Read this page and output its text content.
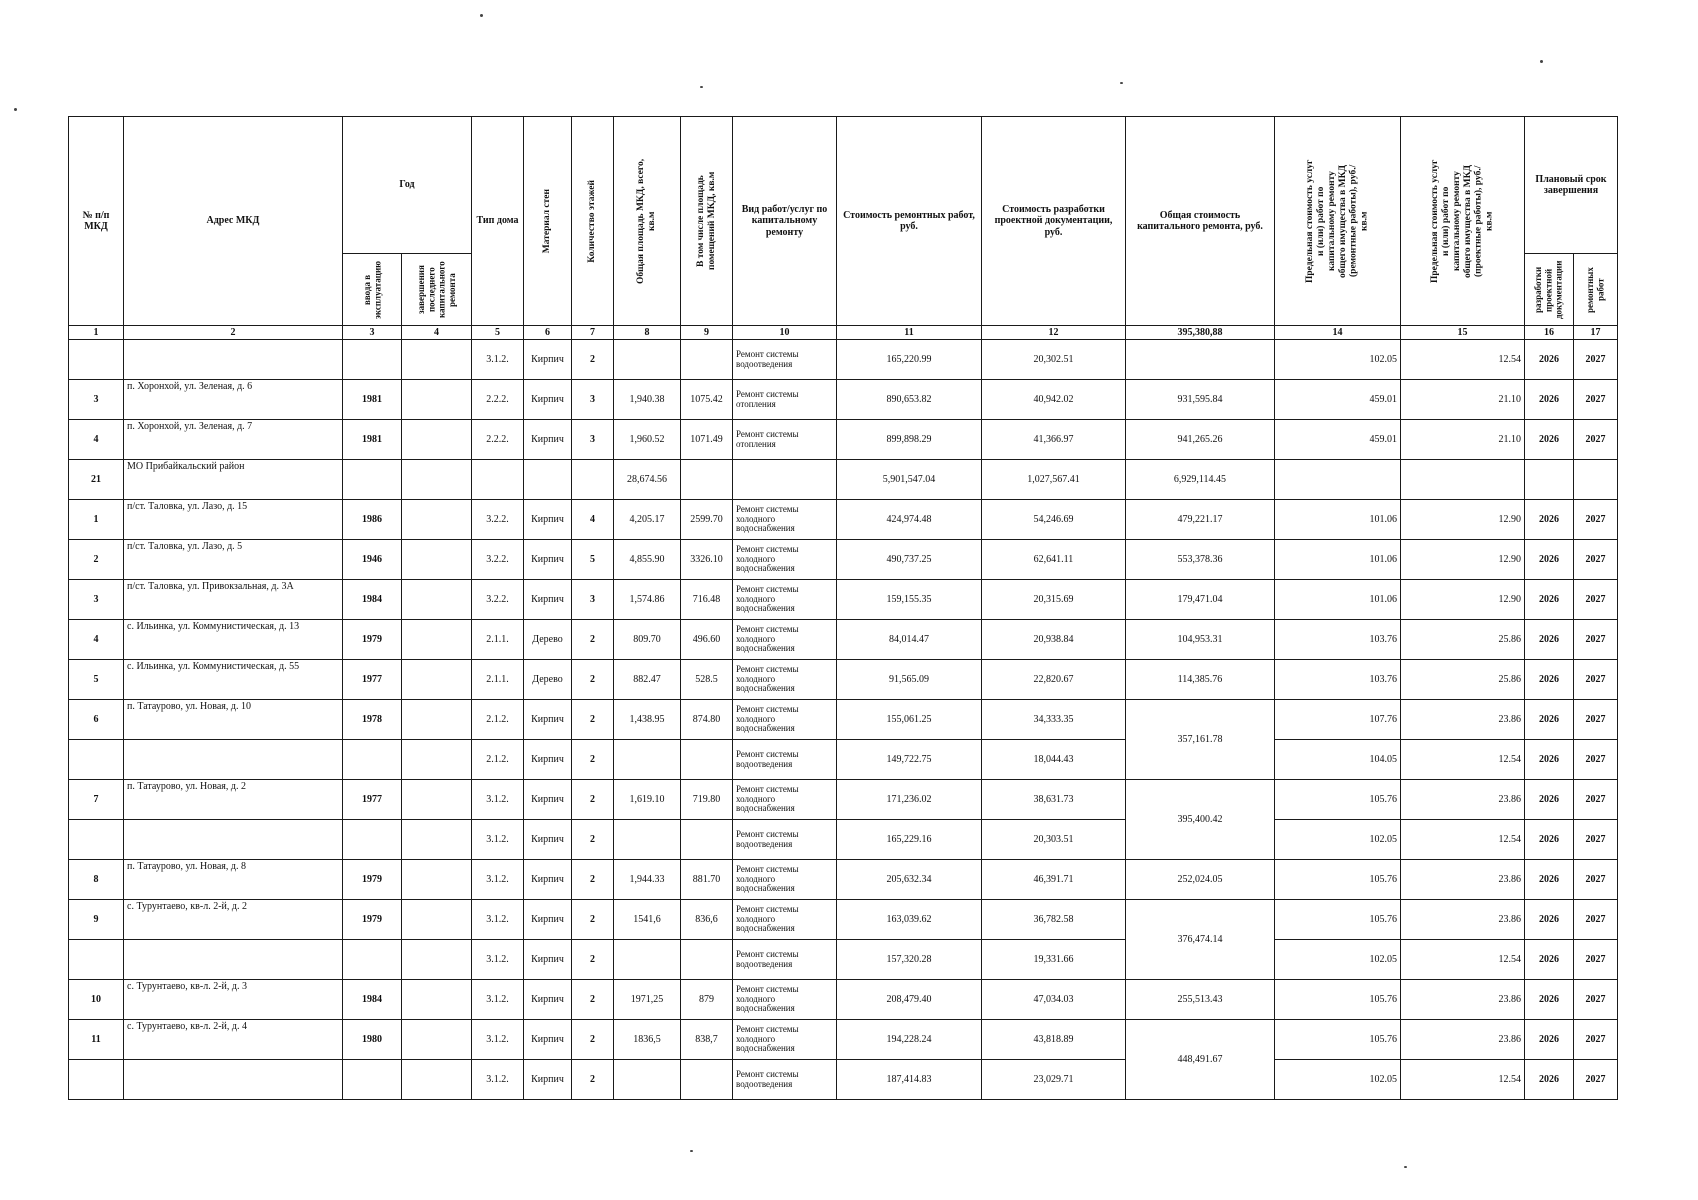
№ п/п МКД	Адрес МКД	Год		Тип дома	Материал стен	Количество этажей	Общая площадь МКД, всего, кв.м	В том числе площадь помещений МКД, кв.м	Вид работ/услуг по капитальному ремонту	Стоимость ремонтных работ, руб.	Стоимость разработки проектной документации, руб.	Общая стоимость капитального ремонта, руб.	Предельная стоимость услуг и (или) работ по капитальному ремонту общего имущества в МКД (ремонтные работы), руб./кв.м	Предельная стоимость услуг и (или) работ по капитальному ремонту общего имущества в МКД (проектные работы), руб./кв.м	Плановый срок завершения	

		ввода в эксплуатацию	завершения последнего капитального ремонта												разработки проектной документации	ремонтных работ

1	2	3	4	5	6	7	8	9	10	11	12	395,380,88	14	15	16	17
				3.1.2.	Кирпич	2			Ремонт системы водоотведения	165,220.99	20,302.51		102.05	12.54	2026	2027
3	п. Хоронхой, ул. Зеленая, д. 6	1981		2.2.2.	Кирпич	3	1,940.38	1075.42	Ремонт системы отопления	890,653.82	40,942.02	931,595.84	459.01	21.10	2026	2027
4	п. Хоронхой, ул. Зеленая, д. 7	1981		2.2.2.	Кирпич	3	1,960.52	1071.49	Ремонт системы отопления	899,898.29	41,366.97	941,265.26	459.01	21.10	2026	2027
21	МО Прибайкальский район						28,674.56			5,901,547.04	1,027,567.41	6,929,114.45				
1	п/ст. Таловка, ул. Лазо, д. 15	1986		3.2.2.	Кирпич	4	4,205.17	2599.70	Ремонт системы холодного водоснабжения	424,974.48	54,246.69	479,221.17	101.06	12.90	2026	2027
2	п/ст. Таловка, ул. Лазо, д. 5	1946		3.2.2.	Кирпич	5	4,855.90	3326.10	Ремонт системы холодного водоснабжения	490,737.25	62,641.11	553,378.36	101.06	12.90	2026	2027
3	п/ст. Таловка, ул. Привокзальная, д. 3А	1984		3.2.2.	Кирпич	3	1,574.86	716.48	Ремонт системы холодного водоснабжения	159,155.35	20,315.69	179,471.04	101.06	12.90	2026	2027
4	с. Ильинка, ул. Коммунистическая, д. 13	1979		2.1.1.	Дерево	2	809.70	496.60	Ремонт системы холодного водоснабжения	84,014.47	20,938.84	104,953.31	103.76	25.86	2026	2027
5	с. Ильинка, ул. Коммунистическая, д. 55	1977		2.1.1.	Дерево	2	882.47	528.5	Ремонт системы холодного водоснабжения	91,565.09	22,820.67	114,385.76	103.76	25.86	2026	2027
6	п. Татаурово, ул. Новая, д. 10	1978		2.1.2.	Кирпич	2	1,438.95	874.80	Ремонт системы холодного водоснабжения	155,061.25	34,333.35	357,161.78	107.76	23.86	2026	2027
				2.1.2.	Кирпич	2			Ремонт системы водоотведения	149,722.75	18,044.43		104.05	12.54	2026	2027
7	п. Татаурово, ул. Новая, д. 2	1977		3.1.2.	Кирпич	2	1,619.10	719.80	Ремонт системы холодного водоснабжения	171,236.02	38,631.73	395,400.42	105.76	23.86	2026	2027
				3.1.2.	Кирпич	2			Ремонт системы водоотведения	165,229.16	20,303.51		102.05	12.54	2026	2027
8	п. Татаурово, ул. Новая, д. 8	1979		3.1.2.	Кирпич	2	1,944.33	881.70	Ремонт системы холодного водоснабжения	205,632.34	46,391.71	252,024.05	105.76	23.86	2026	2027
9	с. Турунтаево, кв-л. 2-й, д. 2	1979		3.1.2.	Кирпич	2	1541,6	836,6	Ремонт системы холодного водоснабжения	163,039.62	36,782.58	376,474.14	105.76	23.86	2026	2027
				3.1.2.	Кирпич	2			Ремонт системы водоотведения	157,320.28	19,331.66		102.05	12.54	2026	2027
10	с. Турунтаево, кв-л. 2-й, д. 3	1984		3.1.2.	Кирпич	2	1971,25	879	Ремонт системы холодного водоснабжения	208,479.40	47,034.03	255,513.43	105.76	23.86	2026	2027
11	с. Турунтаево, кв-л. 2-й, д. 4	1980		3.1.2.	Кирпич	2	1836,5	838,7	Ремонт системы холодного водоснабжения	194,228.24	43,818.89	448,491.67	105.76	23.86	2026	2027
				3.1.2.	Кирпич	2			Ремонт системы водоотведения	187,414.83	23,029.71		102.05	12.54	2026	2027
